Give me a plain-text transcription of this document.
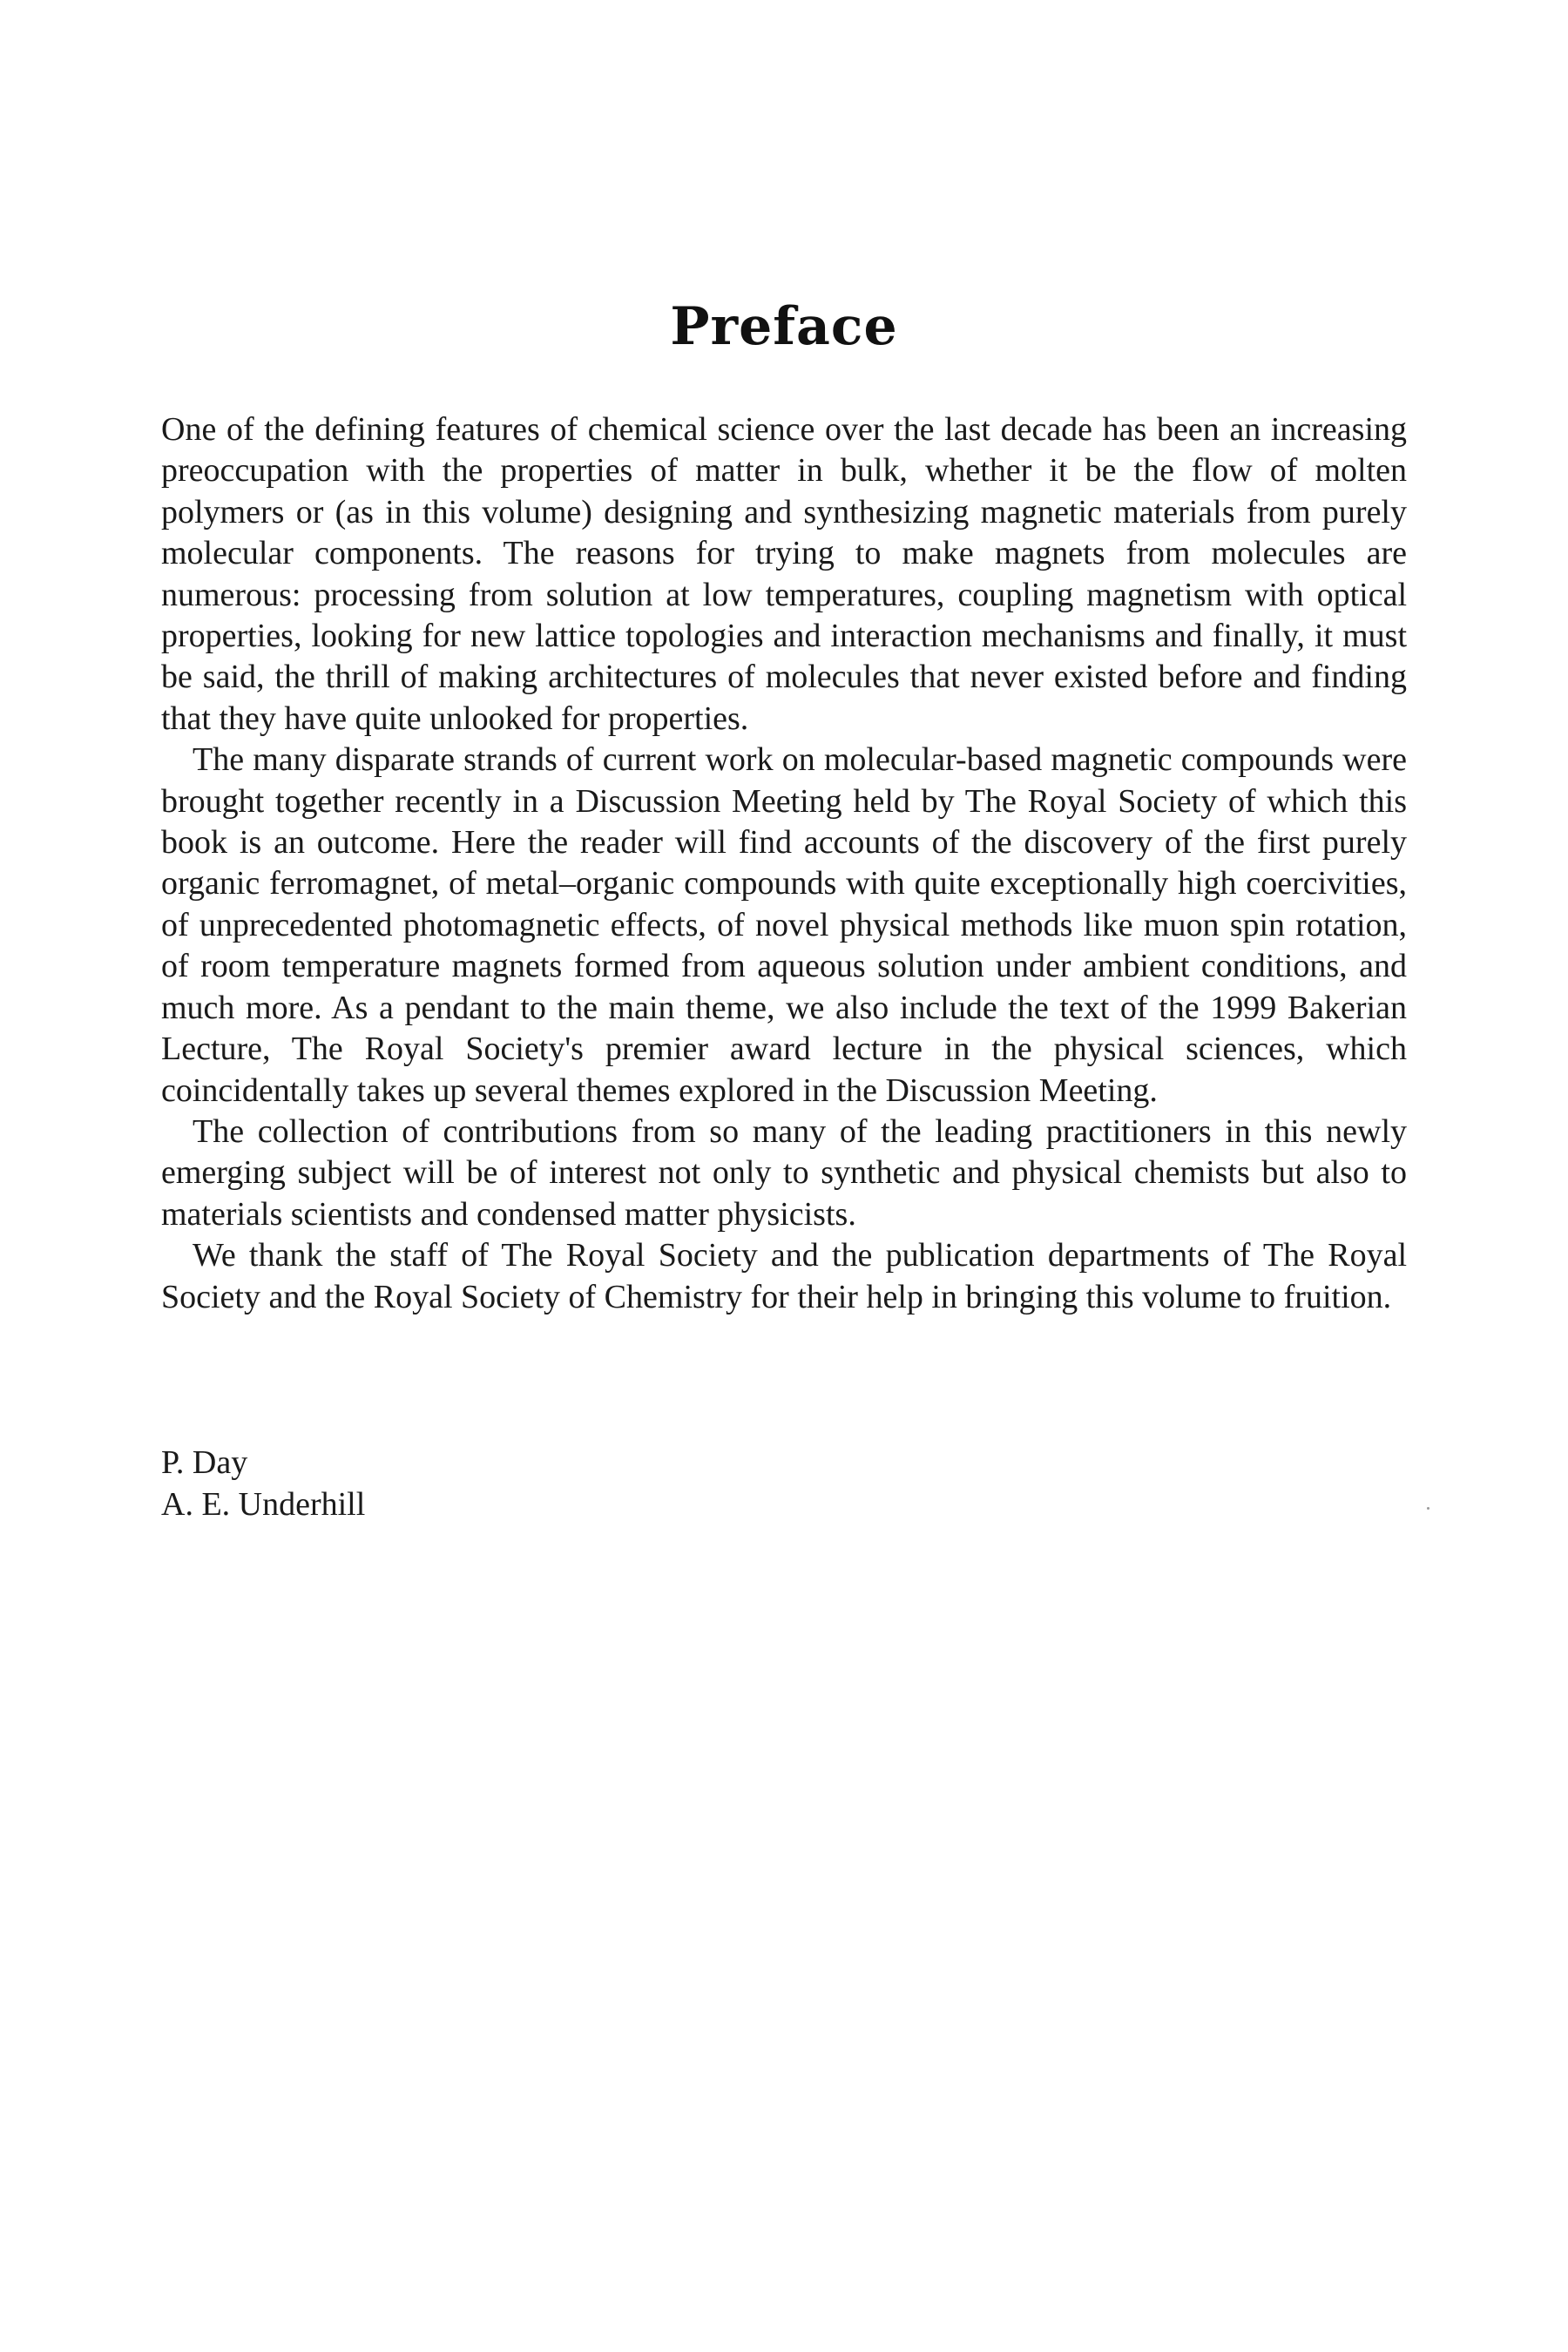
Preface

One of the defining features of chemical science over the last decade has been an increasing preoccupation with the properties of matter in bulk, whether it be the flow of molten polymers or (as in this volume) designing and synthesizing magnetic materials from purely molecular components. The reasons for trying to make magnets from molecules are numerous: processing from solution at low temperatures, coupling magnetism with optical properties, looking for new lattice topologies and interaction mechanisms and finally, it must be said, the thrill of making architectures of molecules that never existed before and finding that they have quite unlooked for properties.

The many disparate strands of current work on molecular-based magnetic compounds were brought together recently in a Discussion Meeting held by The Royal Society of which this book is an outcome. Here the reader will find accounts of the discovery of the first purely organic ferromagnet, of metal–organic compounds with quite exceptionally high coercivities, of unprecedented photomagnetic effects, of novel physical methods like muon spin rotation, of room temperature magnets formed from aqueous solution under ambient conditions, and much more. As a pendant to the main theme, we also include the text of the 1999 Bakerian Lecture, The Royal Society's premier award lecture in the physical sciences, which coincidentally takes up several themes explored in the Discussion Meeting.

The collection of contributions from so many of the leading practitioners in this newly emerging subject will be of interest not only to synthetic and physical chemists but also to materials scientists and condensed matter physicists.

We thank the staff of The Royal Society and the publication departments of The Royal Society and the Royal Society of Chemistry for their help in bringing this volume to fruition.

P. Day
A. E. Underhill
